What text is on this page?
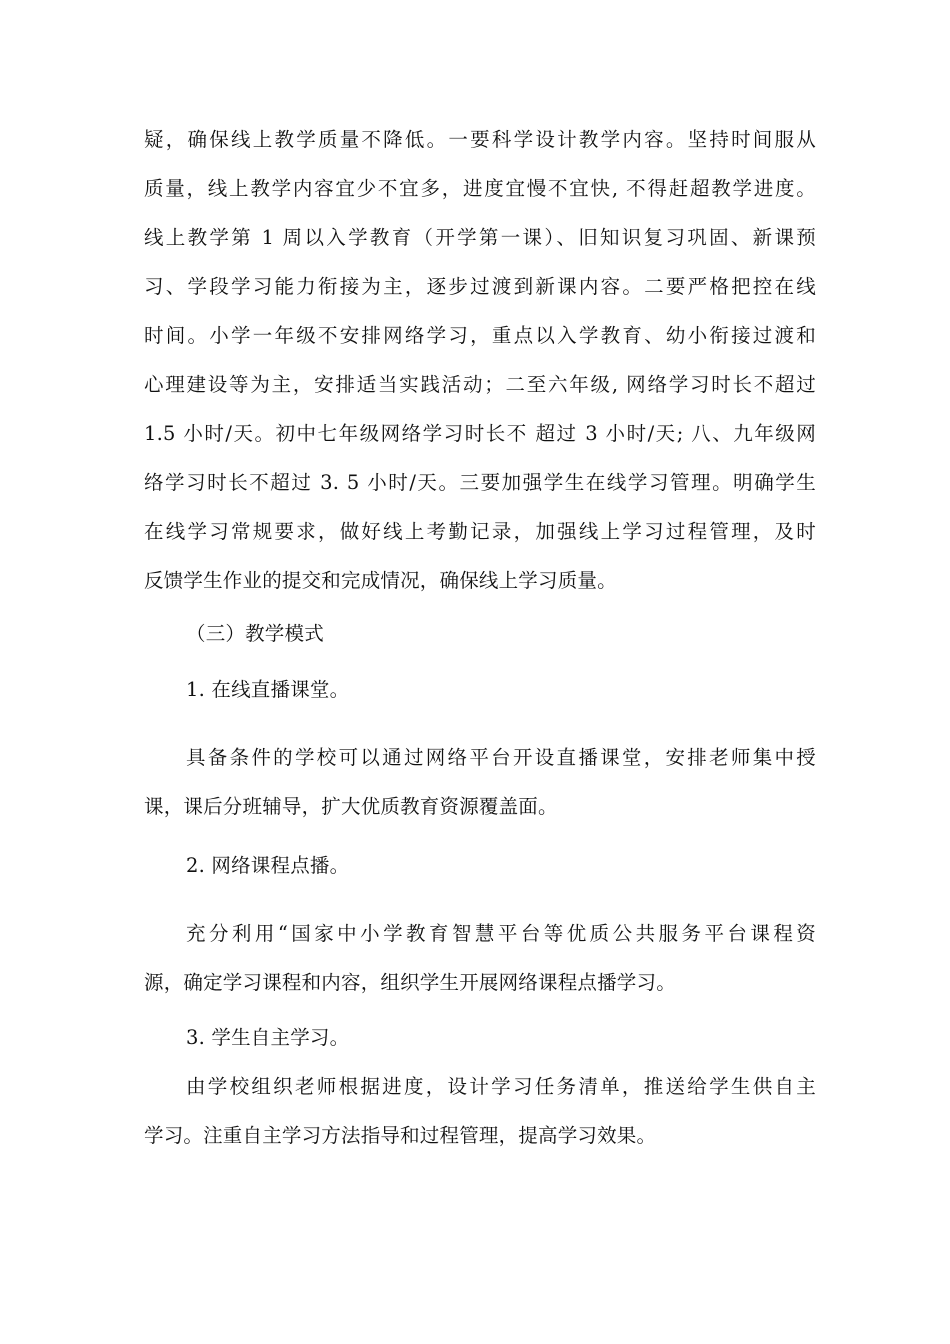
疑，确保线上教学质量不降低。一要科学设计教学内容。坚持时间服从
质量，线上教学内容宜少不宜多，进度宜慢不宜快, 不得赶超教学进度。
线上教学第 1 周以入学教育（开学第一课）、旧知识复习巩固、新课预
习、学段学习能力衔接为主，逐步过渡到新课内容。二要严格把控在线
时间。小学一年级不安排网络学习，重点以入学教育、幼小衔接过渡和
心理建设等为主，安排适当实践活动；二至六年级, 网络学习时长不超过
1.5 小时/天。初中七年级网络学习时长不 超过 3 小时/天; 八、九年级网
络学习时长不超过 3. 5 小时/天。三要加强学生在线学习管理。明确学生
在线学习常规要求，做好线上考勤记录，加强线上学习过程管理，及时
反馈学生作业的提交和完成情况，确保线上学习质量。
（三）教学模式
1. 在线直播课堂。
具备条件的学校可以通过网络平台开设直播课堂，安排老师集中授
课，课后分班辅导，扩大优质教育资源覆盖面。
2. 网络课程点播。
充分利用“国家中小学教育智慧平台等优质公共服务平台课程资
源，确定学习课程和内容，组织学生开展网络课程点播学习。
3. 学生自主学习。
由学校组织老师根据进度，设计学习任务清单，推送给学生供自主
学习。注重自主学习方法指导和过程管理，提高学习效果。
